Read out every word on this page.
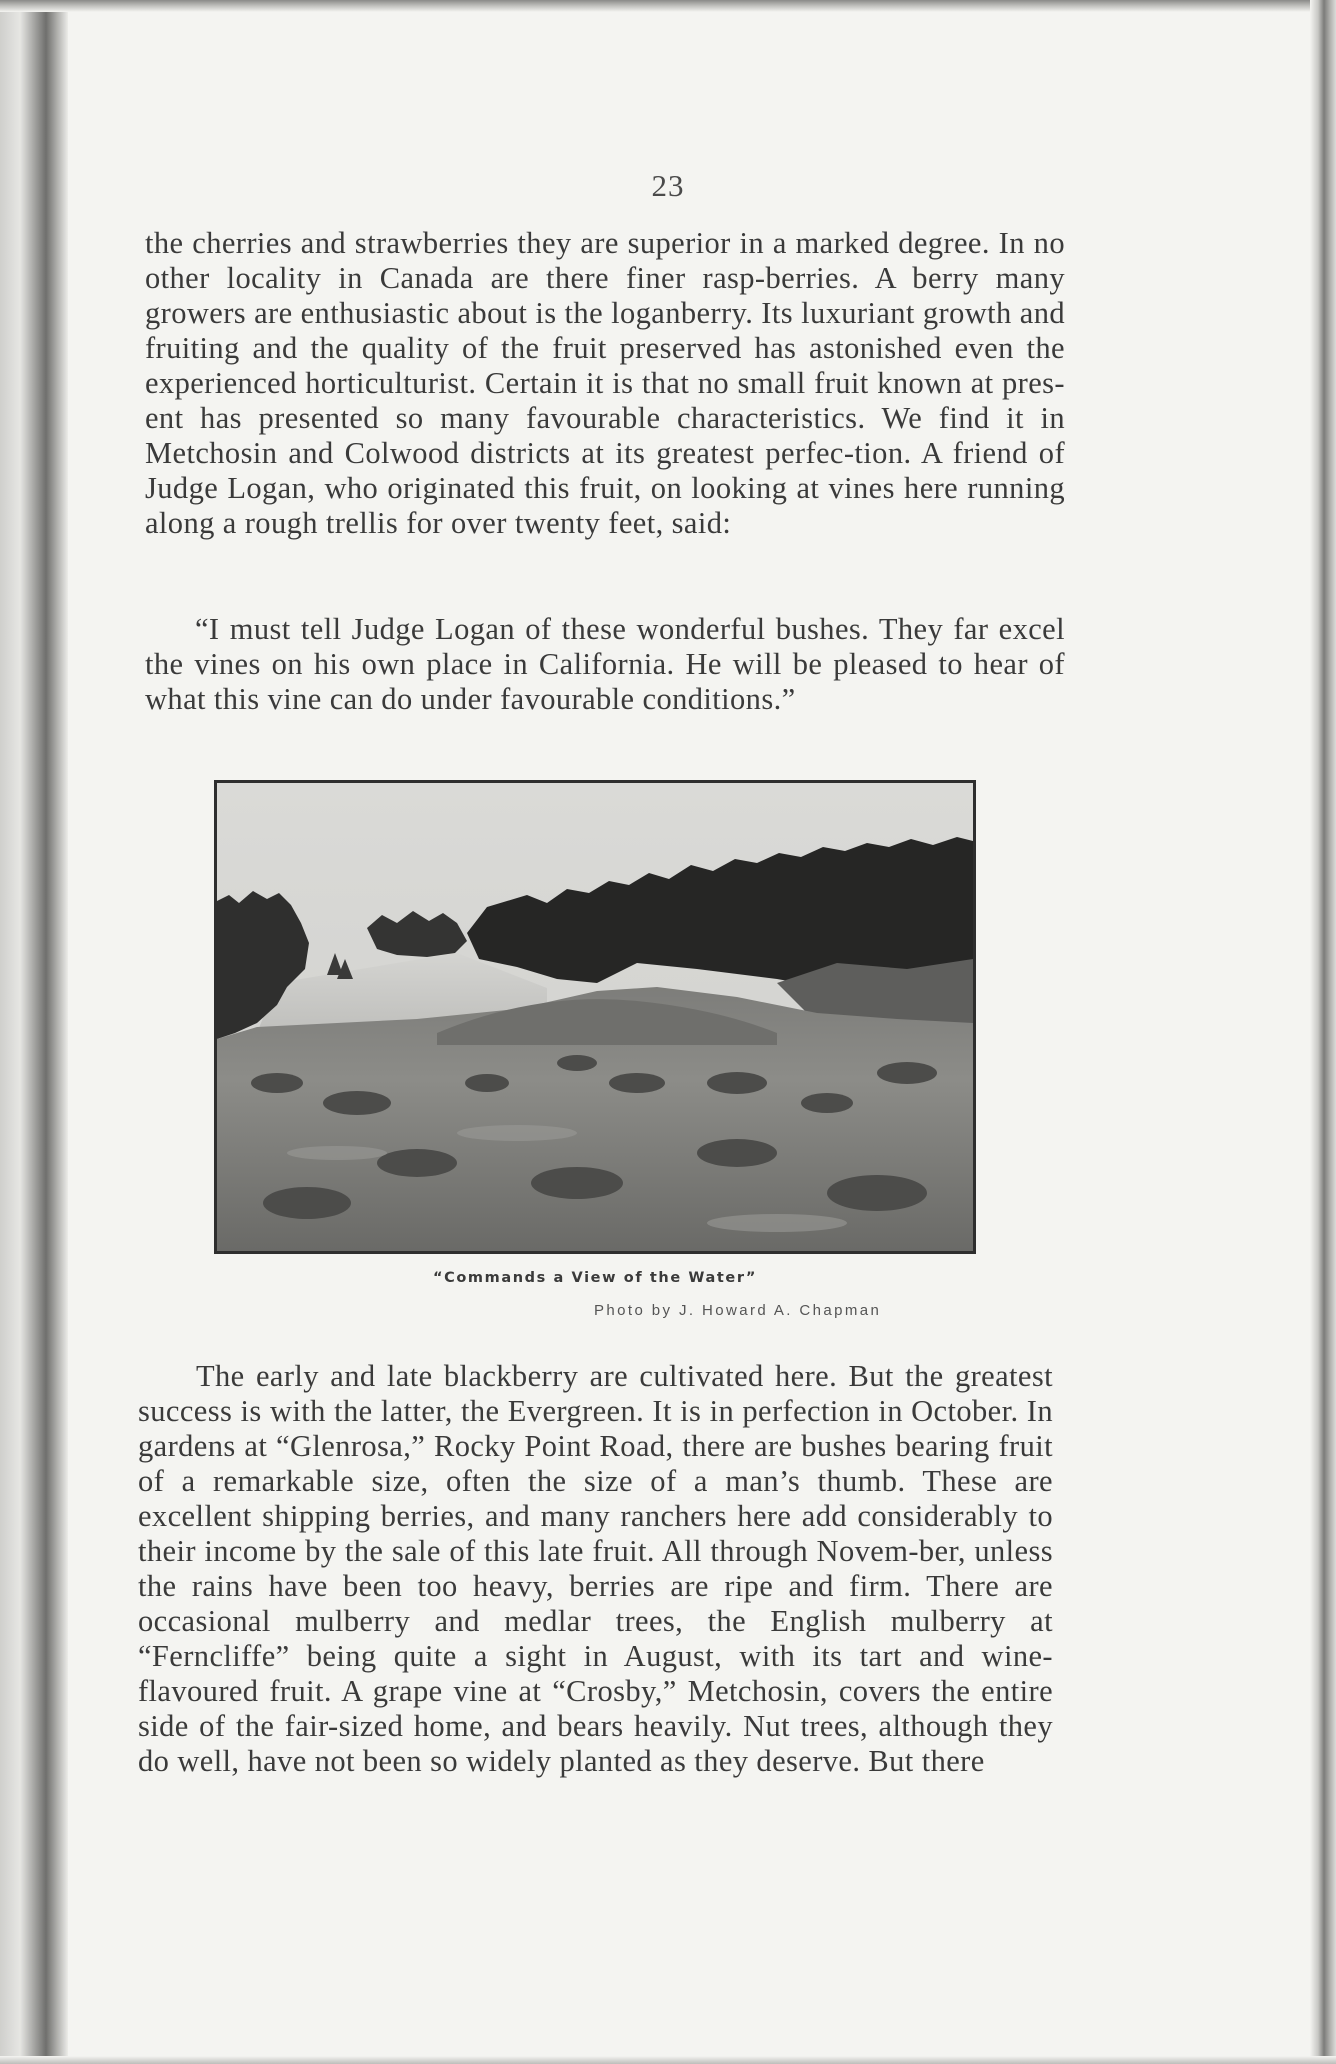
23

the cherries and strawberries they are superior in a marked degree. In no other locality in Canada are there finer rasp-berries. A berry many growers are enthusiastic about is the loganberry. Its luxuriant growth and fruiting and the quality of the fruit preserved has astonished even the experienced horticulturist. Certain it is that no small fruit known at pres-ent has presented so many favourable characteristics. We find it in Metchosin and Colwood districts at its greatest perfec-tion. A friend of Judge Logan, who originated this fruit, on looking at vines here running along a rough trellis for over twenty feet, said:

“I must tell Judge Logan of these wonderful bushes. They far excel the vines on his own place in California. He will be pleased to hear of what this vine can do under favourable conditions.”

“Commands a View of the Water”
Photo by J. Howard A. Chapman

The early and late blackberry are cultivated here. But the greatest success is with the latter, the Evergreen. It is in perfection in October. In gardens at “Glenrosa,” Rocky Point Road, there are bushes bearing fruit of a remarkable size, often the size of a man’s thumb. These are excellent shipping berries, and many ranchers here add considerably to their income by the sale of this late fruit. All through Novem-ber, unless the rains have been too heavy, berries are ripe and firm. There are occasional mulberry and medlar trees, the English mulberry at “Ferncliffe” being quite a sight in August, with its tart and wine-flavoured fruit. A grape vine at “Crosby,” Metchosin, covers the entire side of the fair-sized home, and bears heavily. Nut trees, although they do well, have not been so widely planted as they deserve. But there
